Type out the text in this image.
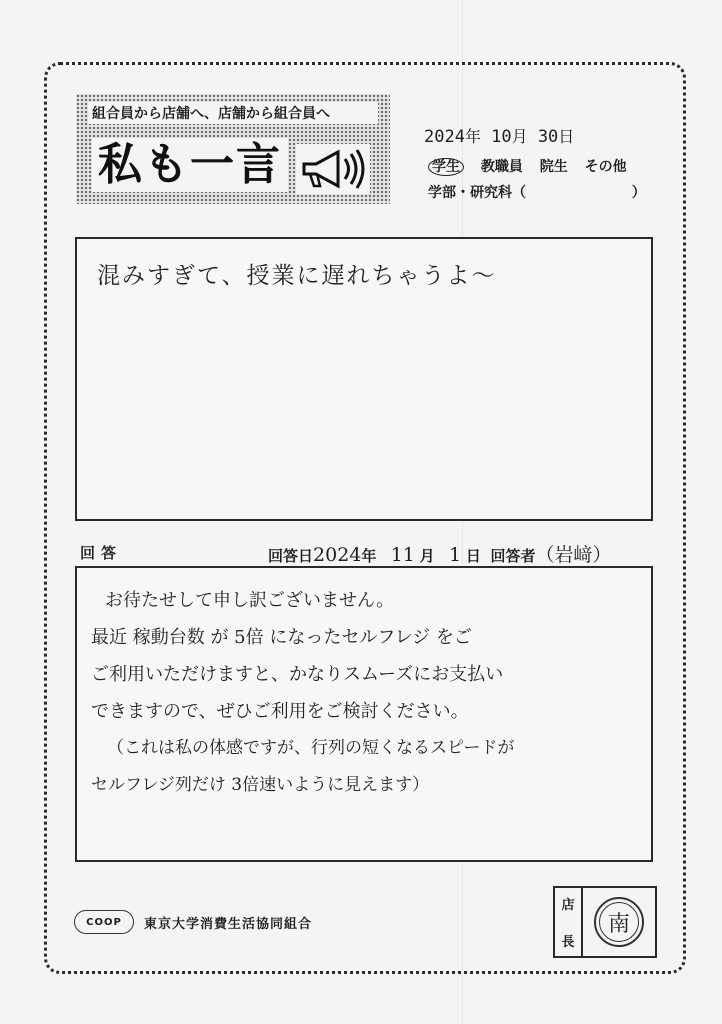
組合員から店舗へ、店舗から組合員へ
私も一言
2024年 10月 30日
学生 教職員 院生 その他
学部・研究科（	）
混みすぎて、授業に遅れちゃうよ～
回答	回答日2024年 11 月 1 日 回答者（岩﨑）
お待たせして申し訳ございません。
最近 稼動台数 が 5倍 になったセルフレジ をご
ご利用いただけますと、かなりスムーズにお支払い
できますので、ぜひご利用をご検討ください。
（これは私の体感ですが、行列の短くなるスピードが
セルフレジ列だけ 3倍速いように見えます）
COOP	東京大学消費生活協同組合
店
長
南
